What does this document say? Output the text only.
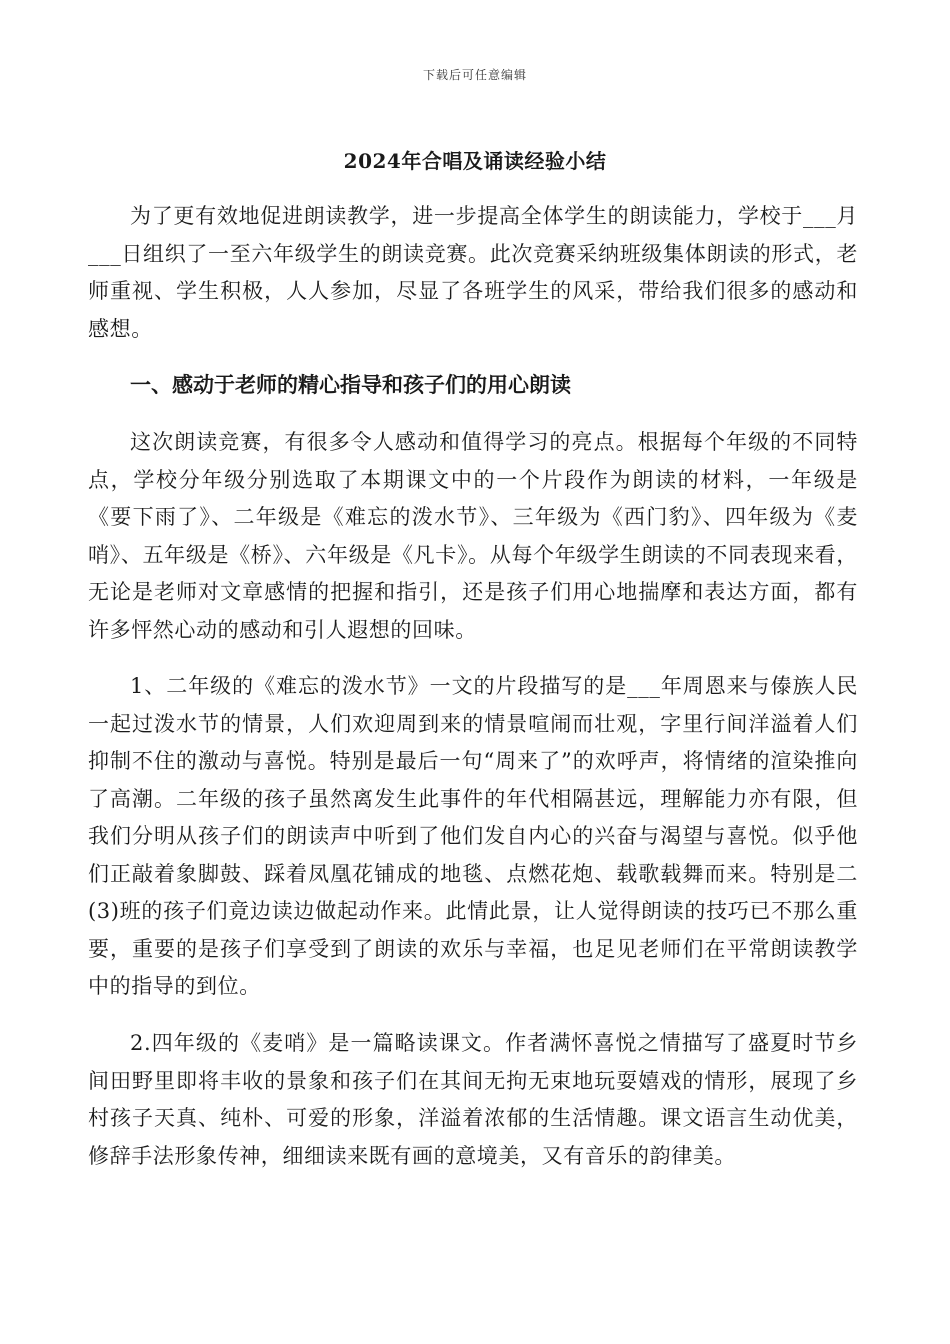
下载后可任意编辑
2024年合唱及诵读经验小结

为了更有效地促进朗读教学，进一步提高全体学生的朗读能力，学校于___月___日组织了一至六年级学生的朗读竞赛。此次竞赛采纳班级集体朗读的形式，老师重视、学生积极，人人参加，尽显了各班学生的风采，带给我们很多的感动和感想。

一、感动于老师的精心指导和孩子们的用心朗读

这次朗读竞赛，有很多令人感动和值得学习的亮点。根据每个年级的不同特点，学校分年级分别选取了本期课文中的一个片段作为朗读的材料，一年级是《要下雨了》、二年级是《难忘的泼水节》、三年级为《西门豹》、四年级为《麦哨》、五年级是《桥》、六年级是《凡卡》。从每个年级学生朗读的不同表现来看，无论是老师对文章感情的把握和指引，还是孩子们用心地揣摩和表达方面，都有许多怦然心动的感动和引人遐想的回味。

1、二年级的《难忘的泼水节》一文的片段描写的是___年周恩来与傣族人民一起过泼水节的情景，人们欢迎周到来的情景喧闹而壮观，字里行间洋溢着人们抑制不住的激动与喜悦。特别是最后一句“周来了”的欢呼声，将情绪的渲染推向了高潮。二年级的孩子虽然离发生此事件的年代相隔甚远，理解能力亦有限，但我们分明从孩子们的朗读声中听到了他们发自内心的兴奋与渴望与喜悦。似乎他们正敲着象脚鼓、踩着凤凰花铺成的地毯、点燃花炮、载歌载舞而来。特别是二(3)班的孩子们竟边读边做起动作来。此情此景，让人觉得朗读的技巧已不那么重要，重要的是孩子们享受到了朗读的欢乐与幸福，也足见老师们在平常朗读教学中的指导的到位。

2.四年级的《麦哨》是一篇略读课文。作者满怀喜悦之情描写了盛夏时节乡间田野里即将丰收的景象和孩子们在其间无拘无束地玩耍嬉戏的情形，展现了乡村孩子天真、纯朴、可爱的形象，洋溢着浓郁的生活情趣。课文语言生动优美，修辞手法形象传神，细细读来既有画的意境美，又有音乐的韵律美。
